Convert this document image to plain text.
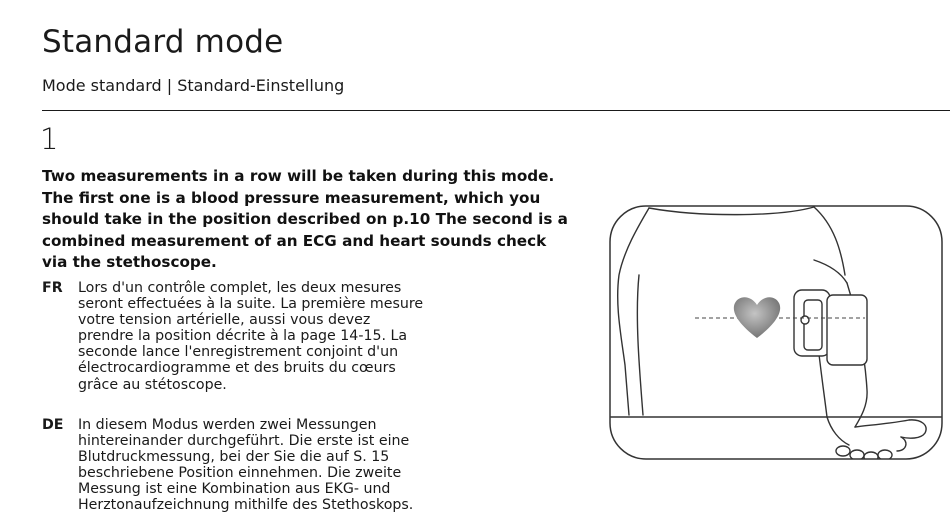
Standard mode
Mode standard | Standard-Einstellung
1
Two measurements in a row will be taken during this mode.
The first one is a blood pressure measurement, which you
should take in the position described on p.10 The second is a
combined measurement of an ECG and heart sounds check
via the stethoscope.
FR Lors d'un contrôle complet, les deux mesures
seront effectuées à la suite. La première mesure
votre tension artérielle, aussi vous devez
prendre la position décrite à la page 14-15. La
seconde lance l'enregistrement conjoint d'un
électrocardiogramme et des bruits du cœurs
grâce au stétoscope.
DE In diesem Modus werden zwei Messungen
hintereinander durchgeführt. Die erste ist eine
Blutdruckmessung, bei der Sie die auf S. 15
beschriebene Position einnehmen. Die zweite
Messung ist eine Kombination aus EKG- und
Herztonaufzeichnung mithilfe des Stethoskops.
